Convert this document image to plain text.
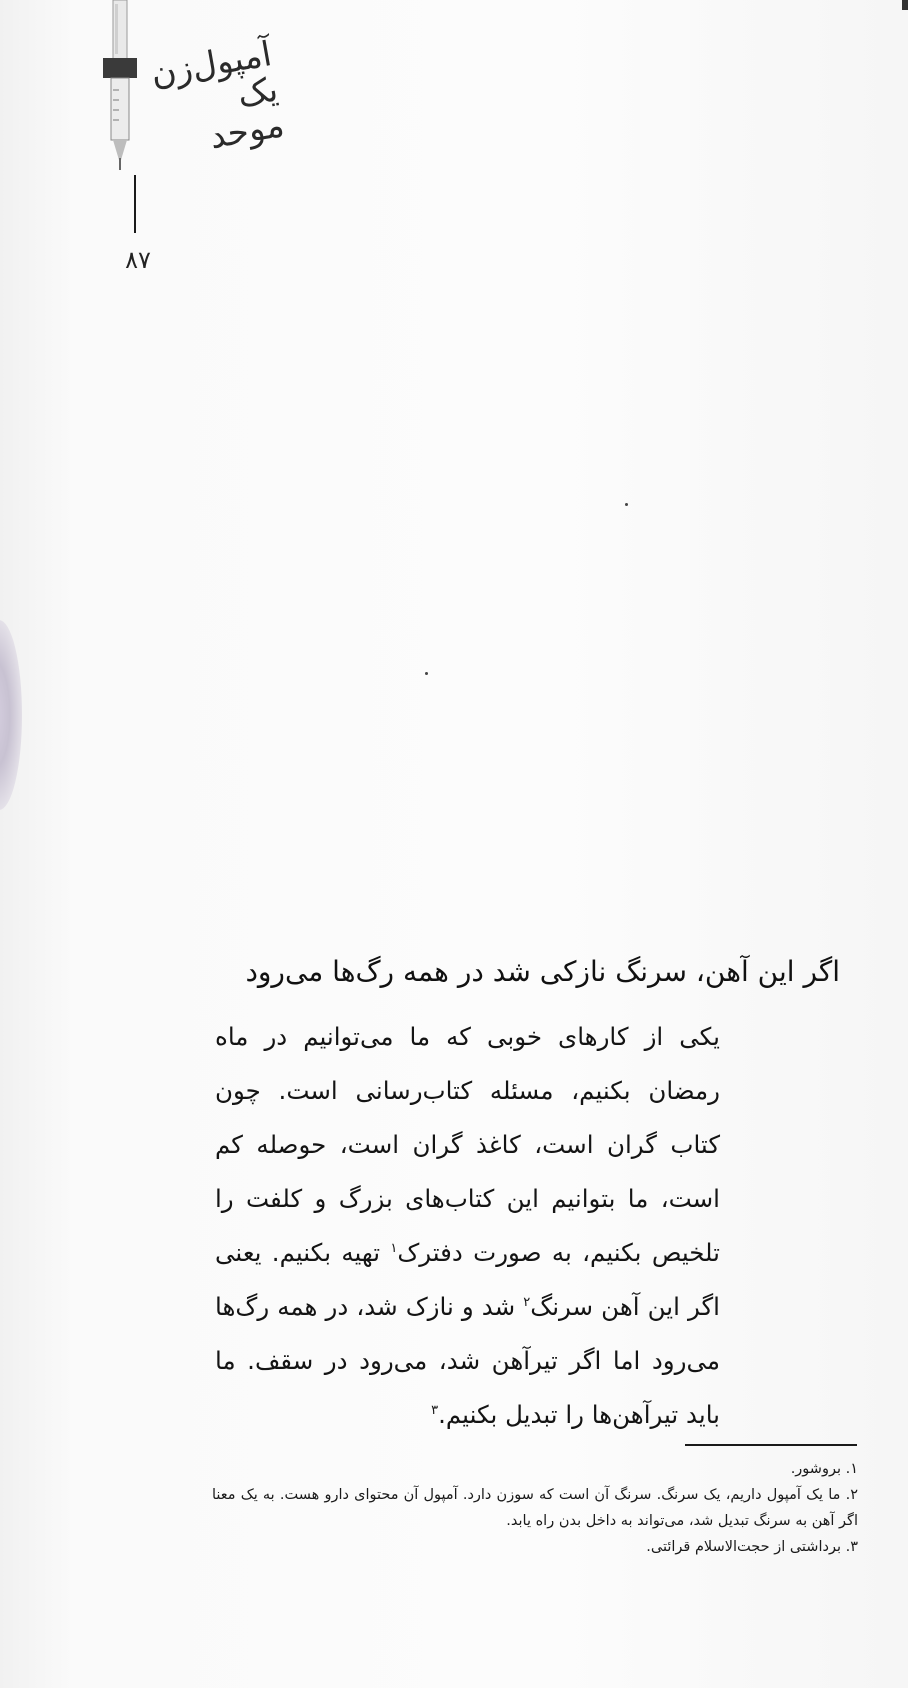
آمپول‌زن یک
موحد
۸۷
اگر این آهن، سرنگ نازکی شد در همه رگ‌ها می‌رود
یکی از کارهای خوبی که ما می‌توانیم در ماه رمضان بکنیم، مسئله کتاب‌رسانی است. چون کتاب گران است، کاغذ گران است، حوصله کم است، ما بتوانیم این کتاب‌های بزرگ و کلفت را تلخیص بکنیم، به صورت دفترک$^۱$ تهیه بکنیم. یعنی اگر این آهن سرنگ$^۲$ شد و نازک شد، در همه رگ‌ها می‌رود اما اگر تیرآهن شد، می‌رود در سقف. ما باید تیرآهن‌ها را تبدیل بکنیم.$^۳$

۱. بروشور.

۲. ما یک آمپول داریم، یک سرنگ. سرنگ آن است که سوزن دارد. آمپول آن محتوای دارو هست. به یک معنا اگر آهن به سرنگ تبدیل شد، می‌تواند به داخل بدن راه یابد.

۳. برداشتی از حجت‌الاسلام قرائتی.
